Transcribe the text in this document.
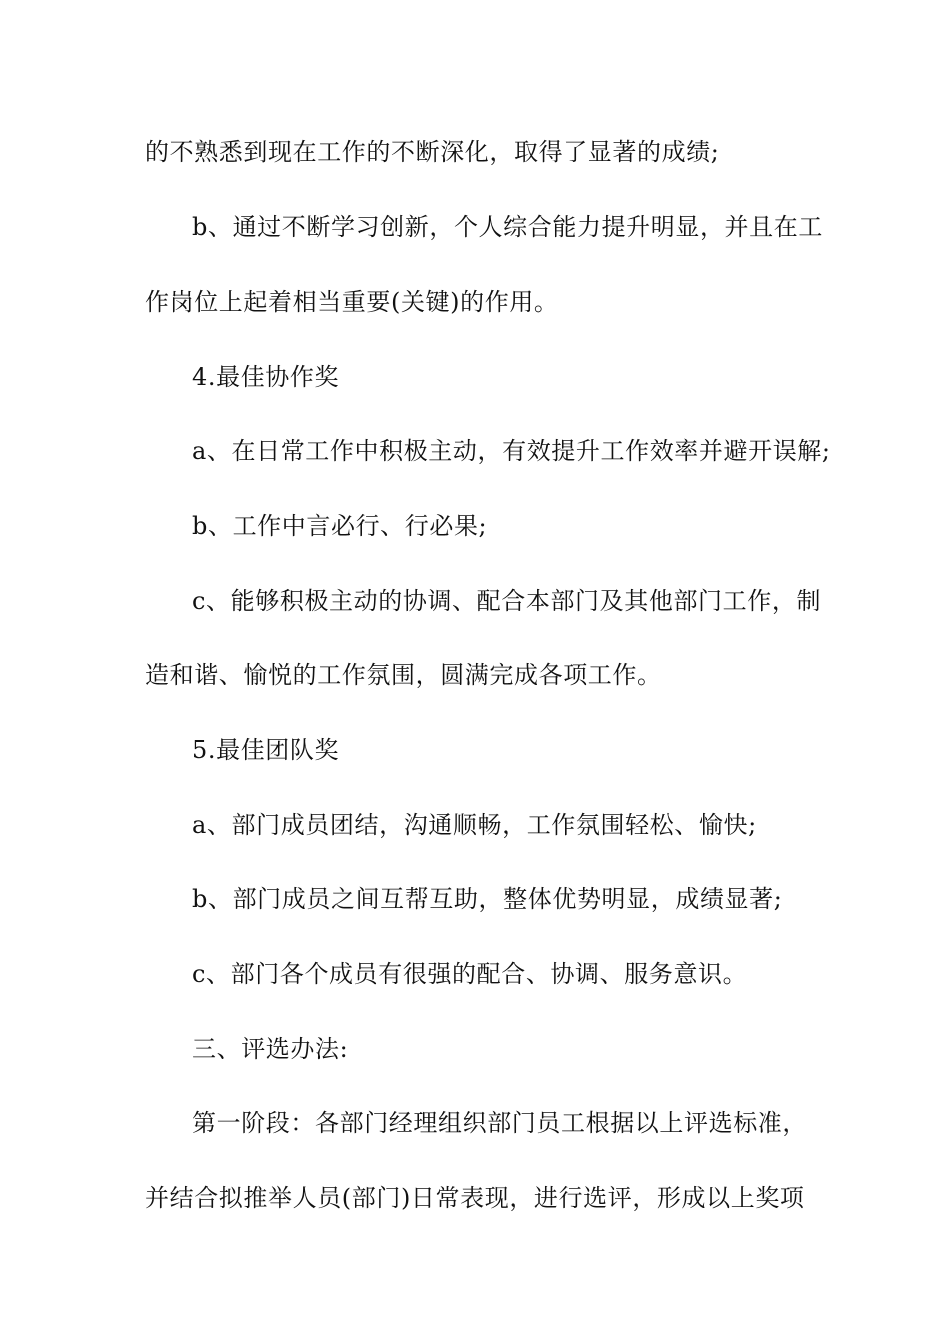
的不熟悉到现在工作的不断深化，取得了显著的成绩;
b、通过不断学习创新，个人综合能力提升明显，并且在工
作岗位上起着相当重要(关键)的作用。
4.最佳协作奖
a、在日常工作中积极主动，有效提升工作效率并避开误解;
b、工作中言必行、行必果;
c、能够积极主动的协调、配合本部门及其他部门工作，制
造和谐、愉悦的工作氛围，圆满完成各项工作。
5.最佳团队奖
a、部门成员团结，沟通顺畅，工作氛围轻松、愉快;
b、部门成员之间互帮互助，整体优势明显，成绩显著;
c、部门各个成员有很强的配合、协调、服务意识。
三、评选办法:
第一阶段：各部门经理组织部门员工根据以上评选标准，
并结合拟推举人员(部门)日常表现，进行选评，形成以上奖项
